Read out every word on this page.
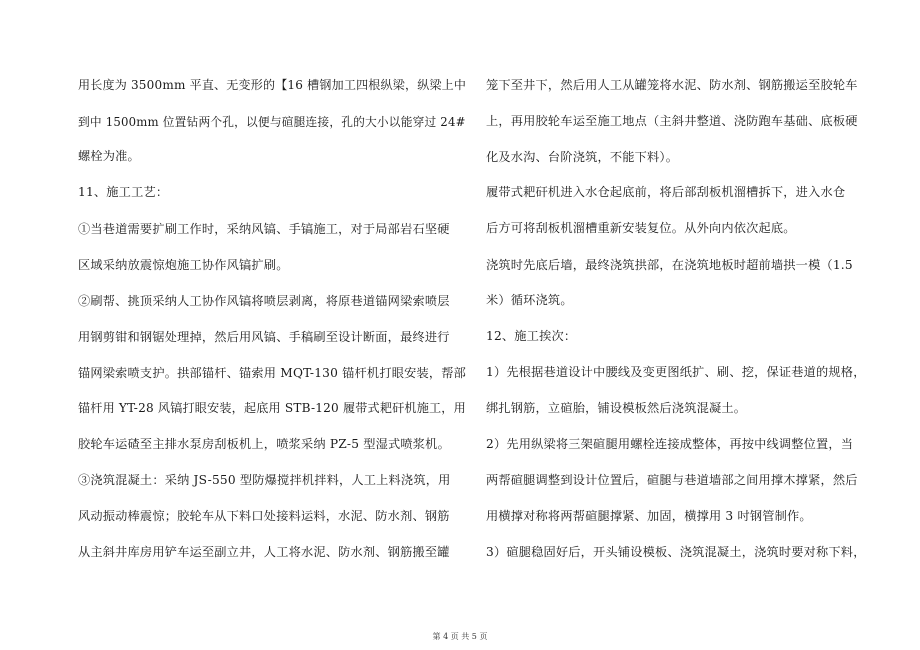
用长度为 3500mm 平直、无变形的【16 槽钢加工四根纵梁，纵梁上中
到中 1500mm 位置钻两个孔，以便与碹腿连接，孔的大小以能穿过 24#
螺栓为准。
11、施工工艺：
①当巷道需要扩刷工作时，采纳风镐、手镐施工，对于局部岩石坚硬
区域采纳放震惊炮施工协作风镐扩刷。
②刷帮、挑顶采纳人工协作风镐将喷层剥离，将原巷道锚网梁索喷层
用钢剪钳和钢锯处理掉，然后用风镐、手稿刷至设计断面，最终进行
锚网梁索喷支护。拱部锚杆、锚索用 MQT-130 锚杆机打眼安装，帮部
锚杆用 YT-28 风镐打眼安装，起底用 STB-120 履带式耙矸机施工，用
胶轮车运碴至主排水泵房刮板机上，喷浆采纳 PZ-5 型湿式喷浆机。
③浇筑混凝土：采纳 JS-550 型防爆搅拌机拌料，人工上料浇筑，用
风动振动棒震惊；胶轮车从下料口处接料运料，水泥、防水剂、钢筋
从主斜井库房用铲车运至副立井，人工将水泥、防水剂、钢筋搬至罐
笼下至井下，然后用人工从罐笼将水泥、防水剂、钢筋搬运至胶轮车
上，再用胶轮车运至施工地点（主斜井整道、浇防跑车基础、底板硬
化及水沟、台阶浇筑，不能下料）。
履带式耙矸机进入水仓起底前，将后部刮板机溜槽拆下，进入水仓
后方可将刮板机溜槽重新安装复位。从外向内依次起底。
浇筑时先底后墙，最终浇筑拱部，在浇筑地板时超前墙拱一模（1.5
米）循环浇筑。
12、施工挨次：
1）先根据巷道设计中腰线及变更图纸扩、刷、挖，保证巷道的规格，
绑扎钢筋，立碹胎，铺设模板然后浇筑混凝土。
2）先用纵梁将三架碹腿用螺栓连接成整体，再按中线调整位置，当
两帮碹腿调整到设计位置后，碹腿与巷道墙部之间用撑木撑紧，然后
用横撑对称将两帮碹腿撑紧、加固，横撑用 3 吋钢管制作。
3）碹腿稳固好后，开头铺设模板、浇筑混凝土，浇筑时要对称下料，
第 4 页 共 5 页
